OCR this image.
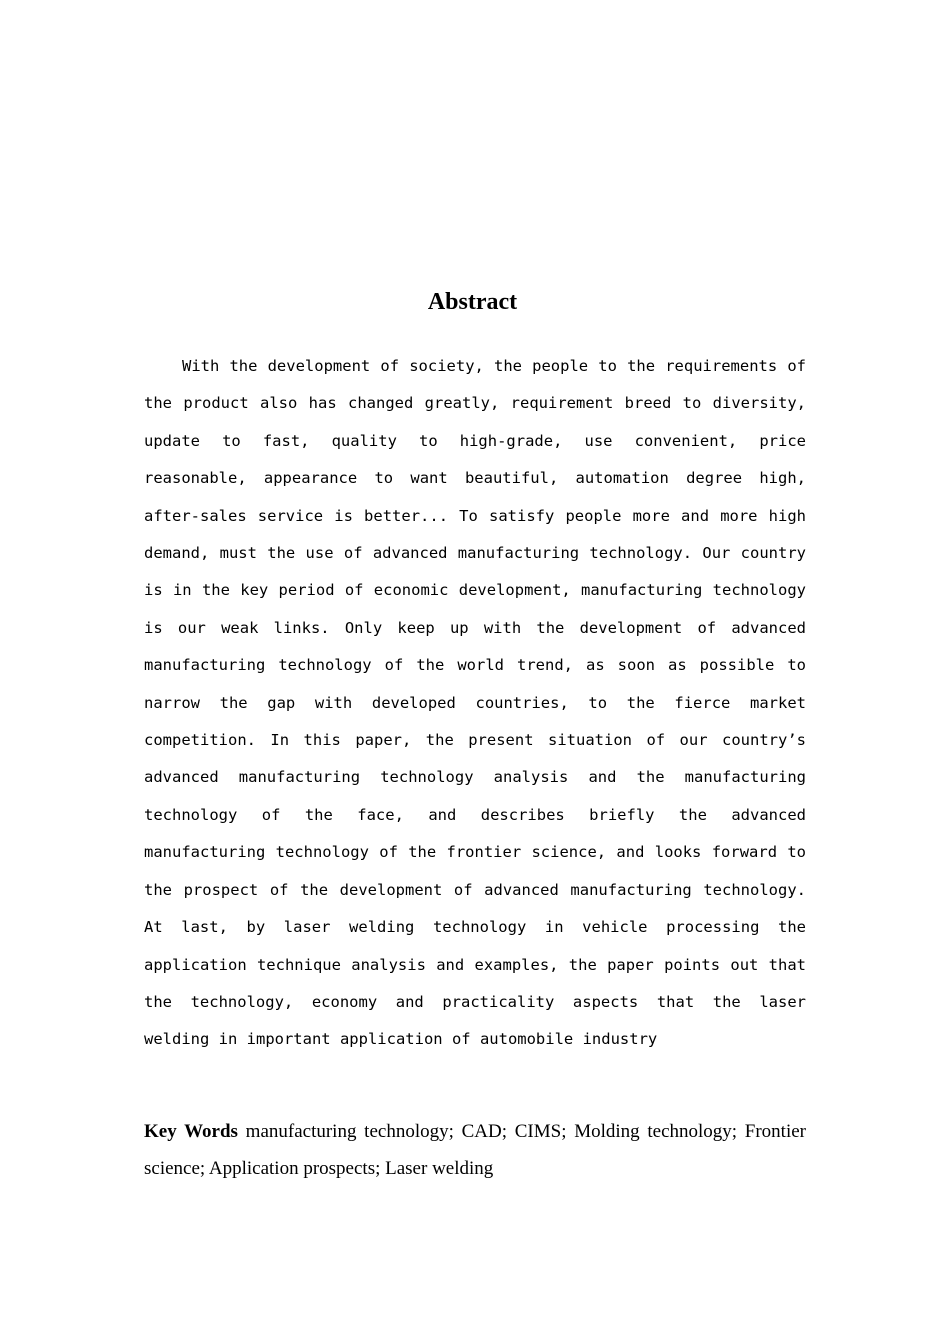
Abstract

With the development of society, the people to the requirements of the product also has changed greatly, requirement breed to diversity, update to fast, quality to high-grade, use convenient, price reasonable, appearance to want beautiful, automation degree high, after-sales service is better... To satisfy people more and more high demand, must the use of advanced manufacturing technology. Our country is in the key period of economic development, manufacturing technology is our weak links. Only keep up with the development of advanced manufacturing technology of the world trend, as soon as possible to narrow the gap with developed countries, to the fierce market competition. In this paper, the present situation of our country’s advanced manufacturing technology analysis and the manufacturing technology of the face, and describes briefly the advanced manufacturing technology of the frontier science, and looks forward to the prospect of the development of advanced manufacturing technology. At last, by laser welding technology in vehicle processing the application technique analysis and examples, the paper points out that the technology, economy and practicality aspects that the laser welding in important application of automobile industry

Key Words manufacturing technology; CAD; CIMS; Molding technology; Frontier science; Application prospects; Laser welding
